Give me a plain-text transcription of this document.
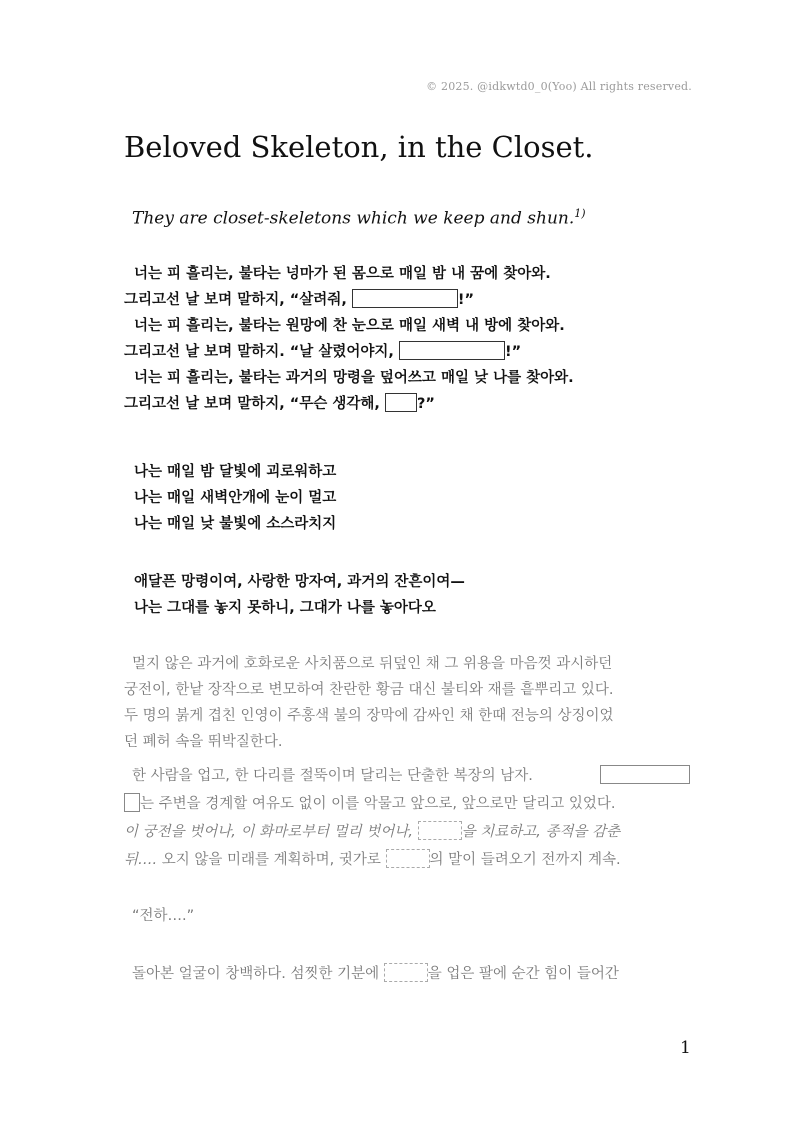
© 2025. @idkwtd0_0(Yoo) All rights reserved.
Beloved Skeleton, in the Closet.
They are closet-skeletons which we keep and shun.$^{1)}$
너는 피 흘리는, 불타는 넝마가 된 몸으로 매일 밤 내 꿈에 찾아와.
그리고선 날 보며 말하지, “살려줘,	!”
너는 피 흘리는, 불타는 원망에 찬 눈으로 매일 새벽 내 방에 찾아와.
그리고선 날 보며 말하지. “날 살렸어야지,	!”
너는 피 흘리는, 불타는 과거의 망령을 덮어쓰고 매일 낮 나를 찾아와.
그리고선 날 보며 말하지, “무슨 생각해, ?”
나는 매일 밤 달빛에 괴로워하고
나는 매일 새벽안개에 눈이 멀고
나는 매일 낮 불빛에 소스라치지
애달픈 망령이여, 사랑한 망자여, 과거의 잔흔이여—
나는 그대를 놓지 못하니, 그대가 나를 놓아다오
멀지 않은 과거에 호화로운 사치품으로 뒤덮인 채 그 위용을 마음껏 과시하던
궁전이, 한낱 장작으로 변모하여 찬란한 황금 대신 불티와 재를 흩뿌리고 있다.
두 명의 붉게 겹친 인영이 주홍색 불의 장막에 감싸인 채 한때 전능의 상징이었
던 폐허 속을 뛰박질한다.
한 사람을 업고, 한 다리를 절뚝이며 달리는 단출한 복장의 남자.
는 주변을 경계할 여유도 없이 이를 악물고 앞으로, 앞으로만 달리고 있었다.
이 궁전을 벗어나, 이 화마로부터 멀리 벗어나,	을 치료하고, 종적을 감춘
뒤…. 오지 않을 미래를 계획하며, 귓가로	의 말이 들려오기 전까지 계속.
“전하….”
돌아본 얼굴이 창백하다. 섬찟한 기분에	을 업은 팔에 순간 힘이 들어간
1
